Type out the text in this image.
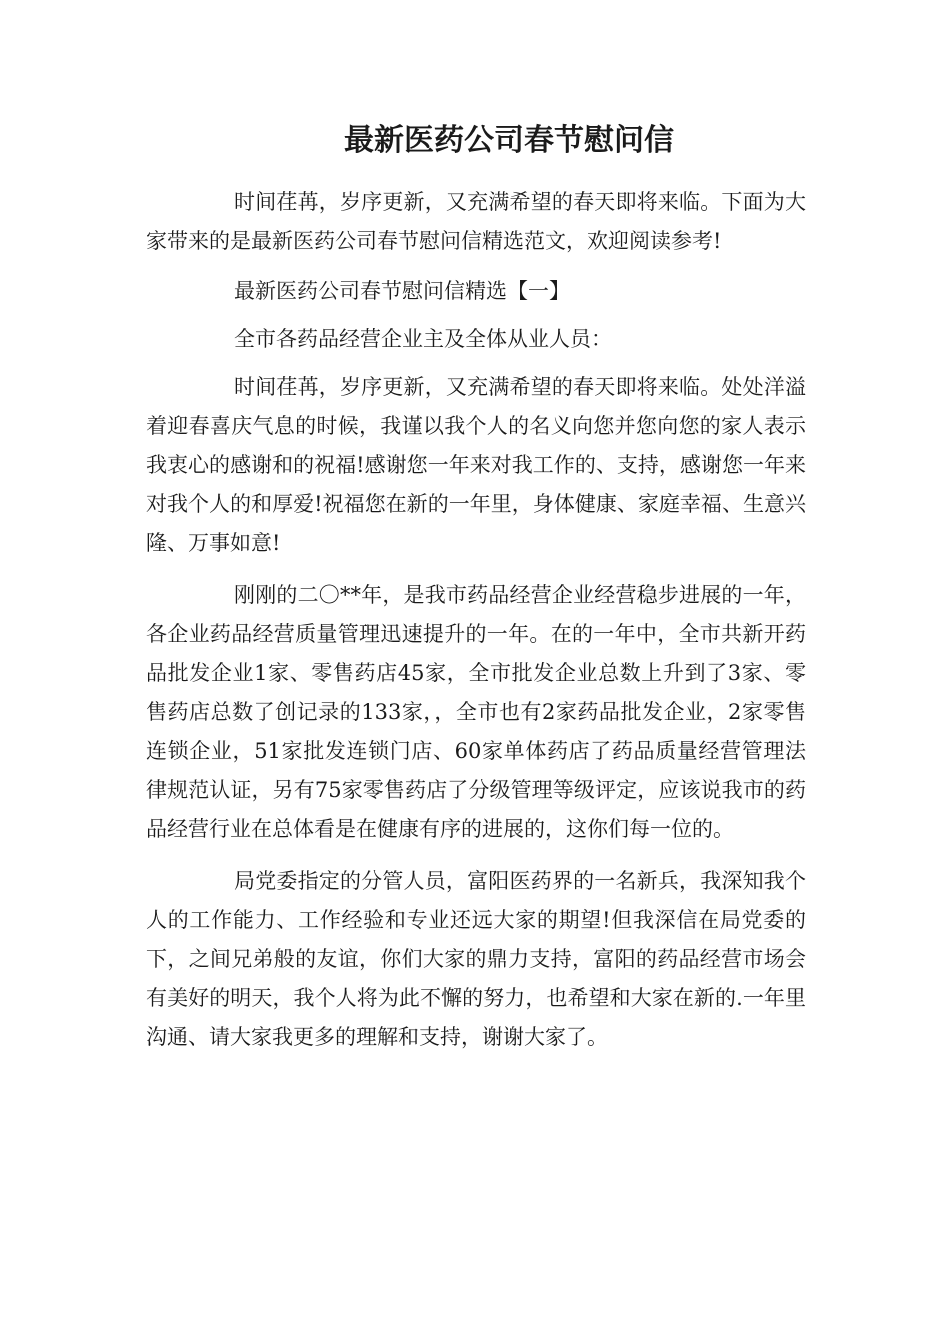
最新医药公司春节慰问信

时间荏苒，岁序更新，又充满希望的春天即将来临。下面为大家带来的是最新医药公司春节慰问信精选范文，欢迎阅读参考!

最新医药公司春节慰问信精选【一】

全市各药品经营企业主及全体从业人员：

时间荏苒，岁序更新，又充满希望的春天即将来临。处处洋溢着迎春喜庆气息的时候，我谨以我个人的名义向您并您向您的家人表示我衷心的感谢和的祝福!感谢您一年来对我工作的、支持，感谢您一年来对我个人的和厚爱!祝福您在新的一年里，身体健康、家庭幸福、生意兴隆、万事如意!

刚刚的二〇**年，是我市药品经营企业经营稳步进展的一年，各企业药品经营质量管理迅速提升的一年。在的一年中，全市共新开药品批发企业1家、零售药店45家，全市批发企业总数上升到了3家、零售药店总数了创记录的133家，，全市也有2家药品批发企业，2家零售连锁企业，51家批发连锁门店、60家单体药店了药品质量经营管理法律规范认证，另有75家零售药店了分级管理等级评定，应该说我市的药品经营行业在总体看是在健康有序的进展的，这你们每一位的。

局党委指定的分管人员，富阳医药界的一名新兵，我深知我个人的工作能力、工作经验和专业还远大家的期望!但我深信在局党委的下，之间兄弟般的友谊，你们大家的鼎力支持，富阳的药品经营市场会有美好的明天，我个人将为此不懈的努力，也希望和大家在新的.一年里沟通、请大家我更多的理解和支持，谢谢大家了。
